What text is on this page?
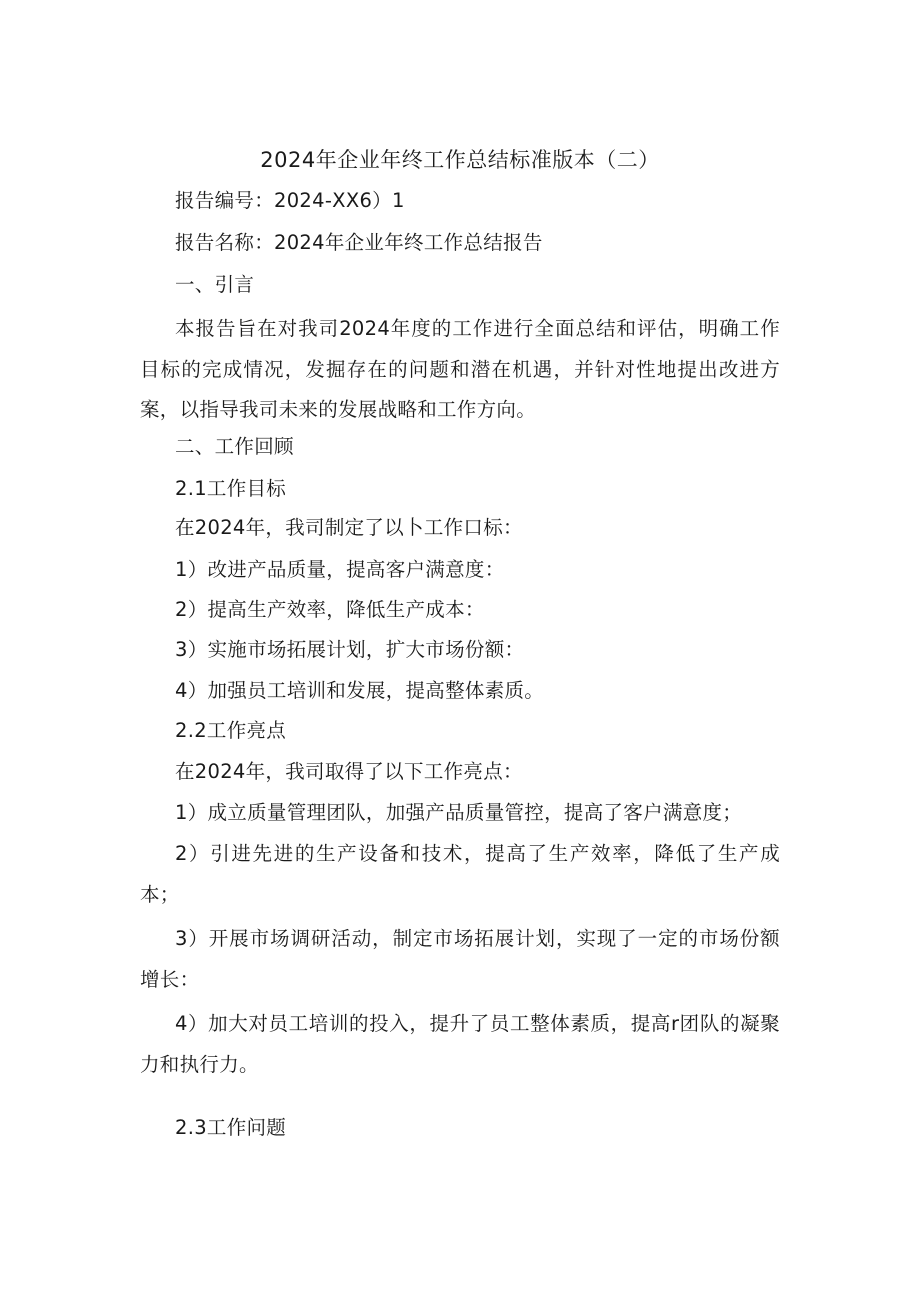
2024年企业年终工作总结标准版本（二）
报告编号：2024-XX6）1
报告名称：2024年企业年终工作总结报告
一、引言
本报告旨在对我司2024年度的工作进行全面总结和评估，明确工作目标的完成情况，发掘存在的问题和潜在机遇，并针对性地提出改进方案，以指导我司未来的发展战略和工作方向。
二、工作回顾
2.1工作目标
在2024年，我司制定了以卜工作口标：
1）改进产品质量，提高客户满意度：
2）提高生产效率，降低生产成本：
3）实施市场拓展计划，扩大市场份额：
4）加强员工培训和发展，提高整体素质。
2.2工作亮点
在2024年，我司取得了以下工作亮点：
1）成立质量管理团队，加强产品质量管控，提高了客户满意度；
2）引进先进的生产设备和技术，提高了生产效率，降低了生产成本；
3）开展市场调研活动，制定市场拓展计划，实现了一定的市场份额增长：
4）加大对员工培训的投入，提升了员工整体素质，提高r团队的凝聚力和执行力。
2.3工作问题
